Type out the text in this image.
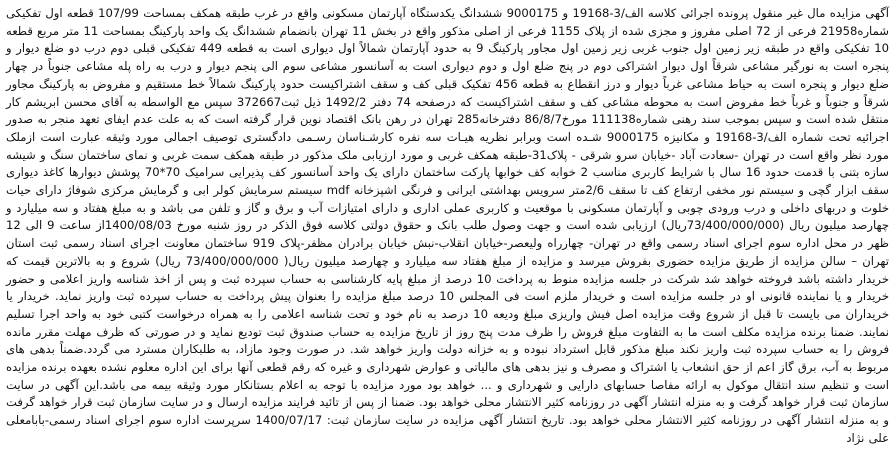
آگهی مزایده مال غیر منقول پرونده اجرائی کلاسه الف/3-19168 و 9000175 ششدانگ یکدستگاه آپارتمان مسکونی واقع در غرب طبقه همکف بمساحت 107/99 قطعه اول تفکیکی شماره21958 فرعی از 72 اصلی مفروز و مجزی شده از پلاک 1155 فرعی از اصلی مذکور واقع در بخش 11 تهران بانضمام ششدانگ یک واحد پارکینگ بمساحت 11 متر مربع قطعه 10 تفکیکی واقع در طبقه زیر زمین اول جنوب غربی زیر زمین اول مجاور پارکینگ 9 به حدود آپارتمان شمالاً اول دیواری است به قطعه 449 تفکیکی قبلی دوم درب دو ضلع دیوار و پنجره است به نورگیر مشاعی شرقاً اول دیوار اشتراکی دوم در پنج ضلع اول و دوم دیواری است به آسانسور مشاعی سوم الی پنجم دیوار و درب به راه پله مشاعی جنوباً در چهار ضلع دیوار و پنجره است به حیاط مشاعی غرباً دیوار و درز انقطاع به قطعه 456 تفکیک قبلی کف و سقف اشتراکیست حدود پارکینگ شمالاً خط مستقیم و مفروض به پارکینگ مجاور شرقاً و جنوباً و غرباً خط مفروض است به محوطه مشاعی کف و سقف اشتراکیست که درصفحه 74 دفتر 1492/2 ذیل ثبت372667 سپس مع الواسطه به آقای محسن ابریشم کار منتقل شده است و سپس بموجب سند رهنی شماره111138 مورخ86/8/7 دفترخانه285 تهران در رهن بانک اقتصاد نوین قرار گرفته است که به علت عدم ایفای تعهد منجر به صدور اجرائیه تحت شماره الف/3-19168 و مکانیزه 9000175 شـده است وبرابر نظریه هیـات سه نفره کارشـناسان رسـمی دادگستری توصیف اجمالی مورد وثیقه عبارت است ازملک مورد نظر واقع است در تهران -سعادت آباد -خیابان سرو شرقی - پلاک31-طبقه همکف غربی و مورد ارزیابی ملک مذکور در طبقه همکف سمت غربی و نمای ساختمان سنگ و شیشه سازه بتنی با قدمت حدود 16 سال با شرایط کاربری مناسب 2 خوابه کف خوابها پارکت ساختمان دارای یک واحد آسانسور کف پذیرایی سرامیک 70*70 پوشش دیوارها کاغذ دیواری سقف ابزار گچی و سیستم نور مخفی ارتفاع کف تا سقف 2/6متر سرویس بهداشتی ایرانی و فرنگی اشپزخانه mdf سیستم سرمایش کولر ابی و گرمایش مرکزی شوفاژ دارای حیات خلوت و دربهای داخلی و درب ورودی چوبی و آپارتمان مسکونی با موقعیت و کاربری عملی اداری و دارای امتیازات آب و برق و گاز و تلفن می باشد و به مبلغ هفتاد و سه میلیارد و چهارصد میلیون ریال (73/400/000/000ریال) ارزیابی شده است و جهت وصول طلب بانک و حقوق دولتی کلاسه فوق الذکر در روز شنبه مورخ 1400/08/03از ساعت 9 الی 12 ظهر در محل اداره سوم اجرای اسناد رسمی واقع در تهران- چهارراه ولیعصر-خیابان انقلاب-نبش خیابان برادران مظفر-پلاک 919 ساختمان معاونت اجرای اسناد رسمی ثبت استان تهران – سالن مزایده از طریق مزایده حضوری بفروش میرسد و مزایده از مبلغ هفتاد سه میلیارد و چهارصد میلیون ریال( 73/400/000/000 ریال) شروع و به بالاترین قیمت که خریدار داشته باشد فروخته خواهد شد شرکت در جلسه مزایده منوط به پرداخت 10 درصد از مبلغ پایه کارشناسی به حساب سپرده ثبت و پس از اخذ شناسه واریز اعلامی و حضور خریدار و یا نماینده قانونی او در جلسه مزایده است و خریدار ملزم است فی المجلس 10 درصد مبلغ مزایده را بعنوان پیش پرداخت به حساب سپرده ثبت واریز نماید. خریدار یا خریداران می بایست تا قبل از شروع وقت مزایده اصل فیش واریزی مبلغ ودیعه 10 درصد به نام خود و تحت شناسه اعلامی را به همراه درخواست کتبی خود به واحد اجرا تسلیم نمایند. ضمنا برنده مزایده مکلف است ما به التفاوت مبلغ فروش را ظرف مدت پنج روز از تاریخ مزایده به حساب صندوق ثبت تودیع نماید و در صورتی که ظرف مهلت مقرر مانده فروش را به حساب سپرده ثبت واریز نکند مبلغ مذکور قابل استرداد نبوده و به خزانه دولت واریز خواهد شد. در صورت وجود مازاد، به طلبکاران مسترد می گردد.ضمناً بدهی های مربوط به آب، برق گاز اعم از حق انشعاب یا اشتراک و مصرف و نیز بدهی های مالیاتی و عوارض شهرداری و غیره که رقم قطعی آنها برای این اداره معلوم نشده بعهده برنده مزایده است و تنظیم سند انتقال موکول به ارائه مفاصا حسابهای دارایی و شهرداری و ... خواهد بود مورد مزایده با توجه به اعلام بستانکار مورد وثیقه بیمه می باشد.این آگهی در سایت سازمان ثبت قرار خواهد گرفت و به منزله انتشار آگهی در روزنامه کثیر الانتشار محلی خواهد بود. ضمنا از پس از تائید فرایند مزایده ارسال و در سایت سازمان ثبت قرار خواهد گرفت و به منزله انتشار آگهی در روزنامه کثیر الانتشار محلی خواهد بود. تاریخ انتشار آگهی مزایده در سایت سازمان ثبت: 1400/07/17 سرپرست اداره سوم اجرای اسناد رسمی-بابامعلی علی نژاد
